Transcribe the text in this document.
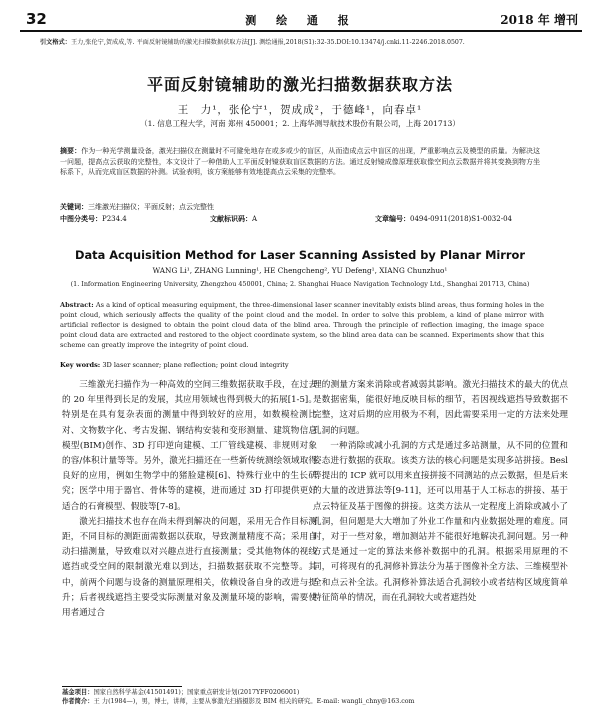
32	测 绘 通 报	2018 年 增刊
引文格式：王力,张伦宁,贺成成,等. 平面反射镜辅助的激光扫描数据获取方法[J]. 测绘通报,2018(S1):32-35.DOI:10.13474/j.cnki.11-2246.2018.0507.
平面反射镜辅助的激光扫描数据获取方法
王　力¹，张伦宁¹，贺成成²，于德峰¹，向春卓¹
（1. 信息工程大学，河南 郑州 450001；2. 上海华测导航技术股份有限公司，上海 201713）
摘要：作为一种光学测量设备，激光扫描仪在测量时不可避免地存在或多或少的盲区，从而造成点云中盲区的出现，严重影响点云及模型的质量。为解决这一问题，提高点云获取的完整性，本文设计了一种借助人工平面反射镜获取盲区数据的方法。通过反射镜成像原理获取像空间点云数据并将其变换到物方坐标系下，从而完成盲区数据的补测。试验表明，该方案能够有效地提高点云采集的完整率。
关键词：三维激光扫描仪；平面反射；点云完整性
中图分类号：P234.4	文献标识码：A	文章编号：0494-0911(2018)S1-0032-04
Data Acquisition Method for Laser Scanning Assisted by Planar Mirror
WANG Li¹, ZHANG Lunning¹, HE Chengcheng², YU Defeng¹, XIANG Chunzhuo¹
(1. Information Engineering University, Zhengzhou 450001, China; 2. Shanghai Huace Navigation Technology Ltd., Shanghai 201713, China)
Abstract: As a kind of optical measuring equipment, the three-dimensional laser scanner inevitably exists blind areas, thus forming holes in the point cloud, which seriously affects the quality of the point cloud and the model. In order to solve this problem, a kind of plane mirror with artificial reflector is designed to obtain the point cloud data of the blind area. Through the principle of reflection imaging, the image space point cloud data are extracted and restored to the object coordinate system, so the blind area data can be scanned. Experiments show that this scheme can greatly improve the integrity of point cloud.
Key words: 3D laser scanner; plane reflection; point cloud integrity

三维激光扫描作为一种高效的空间三维数据获取手段，在过去的 20 年里得到长足的发展，其应用领域也得到极大的拓展[1-5]。特别是在具有复杂表面的测量中得到较好的应用，如数模检测比对、文物数字化、考古发掘、钢结构安装和变形测量、建筑物信息模型(BIM)创作、3D 打印逆向建模、工厂管线建模、非规则对象的容/体积计量等等。另外，激光扫描还在一些新传统测绘领域取得良好的应用，例如生物学中的猪脸建模[6]、特殊行业中的生长研究；医学中用于器官、骨体等的建模，进而通过 3D 打印提供更好适合的石膏模型、假肢等[7-8]。

激光扫描技术也存在尚未得到解决的问题，采用无合作目标测距，不同目标的测距面需数据以获取，导致测量精度不高；采用自动扫描测量，导致难以对兴趣点进行直接测量；受其他物体的视线遮挡或受空间的限制激光难以到达，扫描数据获取不完整等。其中，前两个问题与设备的测量原理相关，依赖设备自身的改进与提升；后者视线遮挡主要受实际测量对象及测量环境的影响，需要使用者通过合

理的测量方案来消除或者减弱其影响。激光扫描技术的最大的优点是数据密集，能很好地反映目标的细节，若因视线遮挡导致数据不完整，这对后期的应用极为不利，因此需要采用一定的方法来处理孔洞的问题。

一种消除或减小孔洞的方式是通过多站测量，从不同的位置和姿态进行数据的获取。该类方法的核心问题是实现多站拼接。Besl 等提出的 ICP 就可以用来直接拼接不同测站的点云数据，但是后来的大量的改进算法等[9-11]，还可以用基于人工标志的拼接、基于点云特征及基于图像的拼接。这类方法从一定程度上消除或减小了孔洞，但问题是大大增加了外业工作量和内业数据处理的难度。同时，对于一些对象，增加测站并不能很好地解决孔洞问题。另一种方式是通过一定的算法来修补数据中的孔洞。根据采用原理的不同，可将现有的孔洞修补算法分为基于图像补全方法、三维模型补全和点云补全法。孔洞修补算法适合孔洞较小或者结构区域度简单特征简单的情况，而在孔洞较大或者遮挡处

基金项目：国家自然科学基金(41501491)；国家重点研发计划(2017YFF0206001)
作者简介：王 力(1984—)，男，博士，讲师，主要从事激光扫描摄影及 BIM 相关的研究。E-mail: wangli_chny@163.com
